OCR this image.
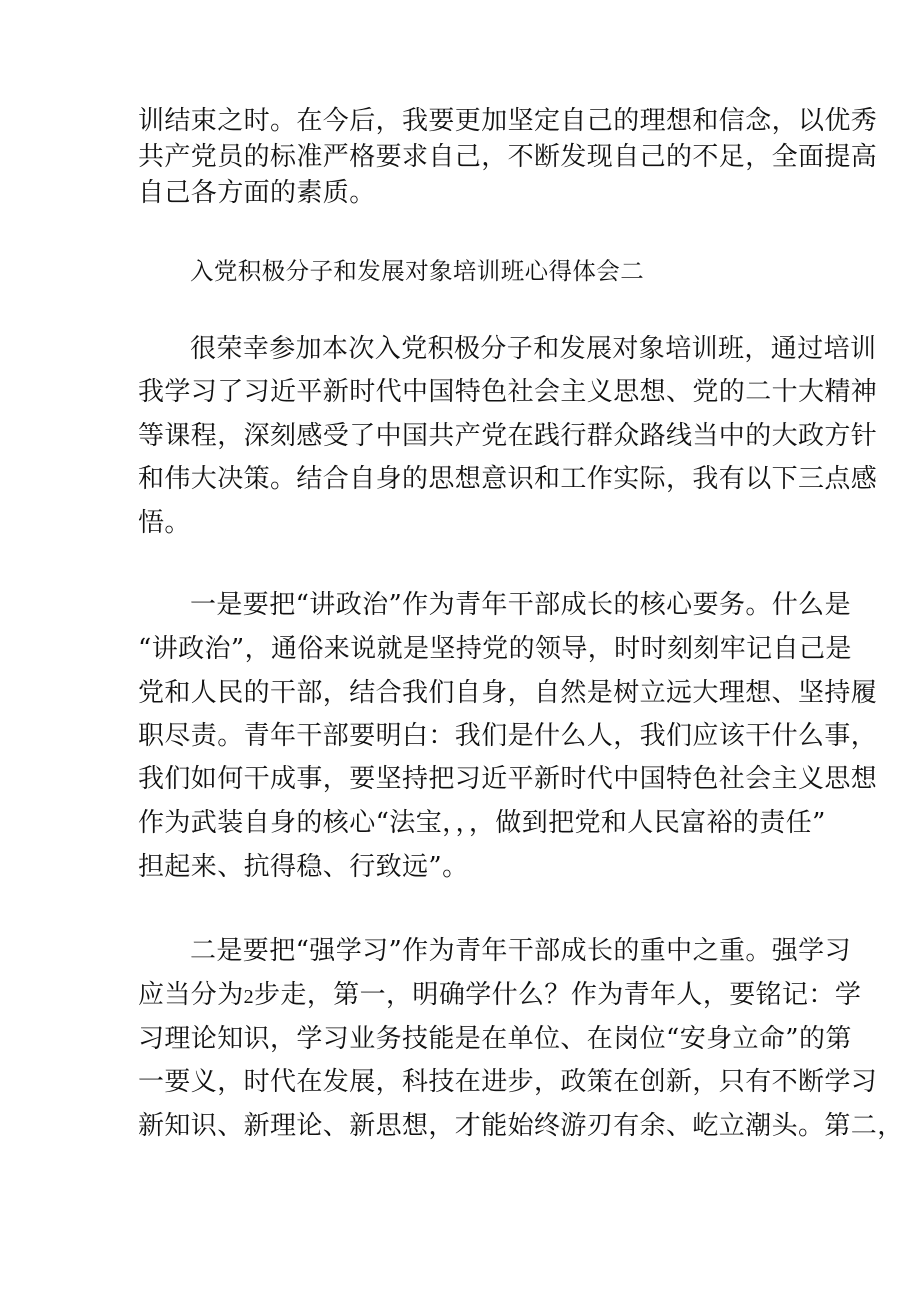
训结束之时。在今后，我要更加坚定自己的理想和信念，以优秀
共产党员的标准严格要求自己，不断发现自己的不足，全面提高
自己各方面的素质。
入党积极分子和发展对象培训班心得体会二
很荣幸参加本次入党积极分子和发展对象培训班，通过培训
我学习了习近平新时代中国特色社会主义思想、党的二十大精神
等课程，深刻感受了中国共产党在践行群众路线当中的大政方针
和伟大决策。结合自身的思想意识和工作实际，我有以下三点感
悟。
一是要把“讲政治”作为青年干部成长的核心要务。什么是
“讲政治”，通俗来说就是坚持党的领导，时时刻刻牢记自己是
党和人民的干部，结合我们自身，自然是树立远大理想、坚持履
职尽责。青年干部要明白：我们是什么人，我们应该干什么事，
我们如何干成事，要坚持把习近平新时代中国特色社会主义思想
作为武装自身的核心“法宝，，，做到把党和人民富裕的责任”
担起来、抗得稳、行致远”。
二是要把“强学习”作为青年干部成长的重中之重。强学习
应当分为2步走，第一，明确学什么？作为青年人，要铭记：学
习理论知识，学习业务技能是在单位、在岗位“安身立命”的第
一要义，时代在发展，科技在进步，政策在创新，只有不断学习
新知识、新理论、新思想，才能始终游刃有余、屹立潮头。第二，
